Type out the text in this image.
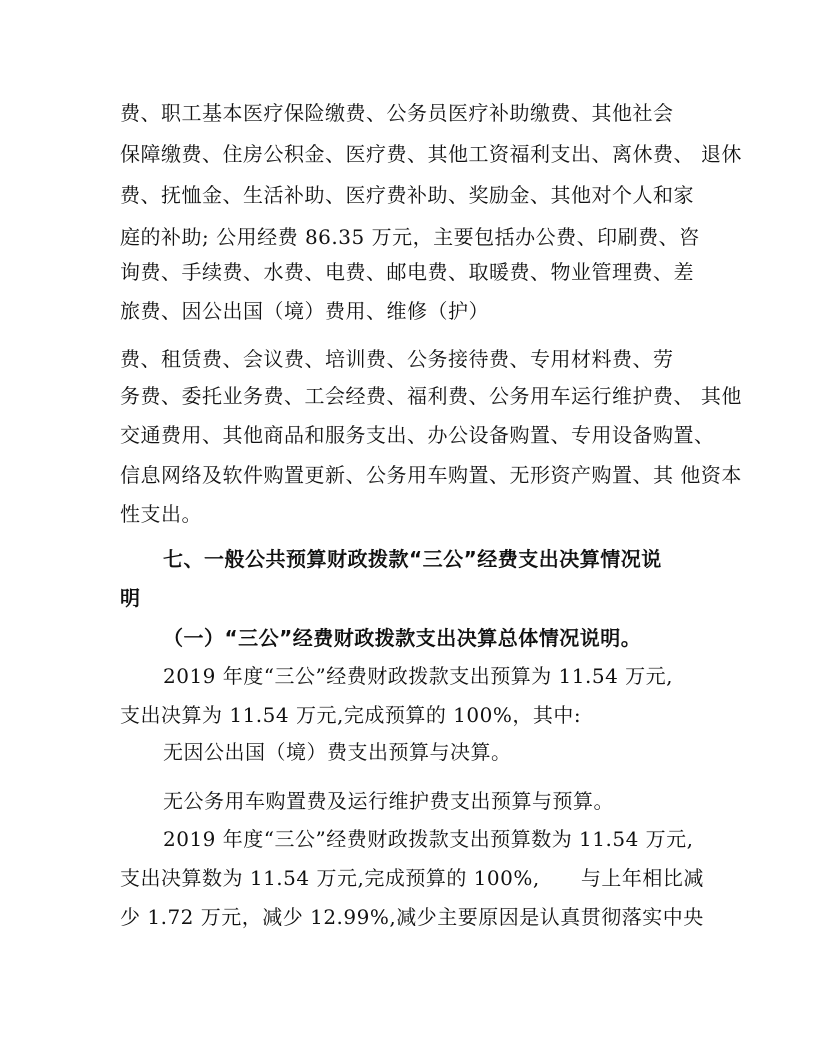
费、职工基本医疗保险缴费、公务员医疗补助缴费、其他社会
保障缴费、住房公积金、医疗费、其他工资福利支出、离休费、 退休
费、抚恤金、生活补助、医疗费补助、奖励金、其他对个人和家
庭的补助; 公用经费 86.35 万元，主要包括办公费、印刷费、咨
询费、手续费、水费、电费、邮电费、取暖费、物业管理费、差
旅费、因公出国（境）费用、维修（护）
费、租赁费、会议费、培训费、公务接待费、专用材料费、劳
务费、委托业务费、工会经费、福利费、公务用车运行维护费、 其他
交通费用、其他商品和服务支出、办公设备购置、专用设备购置、
信息网络及软件购置更新、公务用车购置、无形资产购置、其 他资本
性支出。
七、一般公共预算财政拨款“三公”经费支出决算情况说
明
（一）“三公”经费财政拨款支出决算总体情况说明。
2019 年度“三公”经费财政拨款支出预算为 11.54 万元,
支出决算为 11.54 万元,完成预算的 100%，其中:
无因公出国（境）费支出预算与决算。
无公务用车购置费及运行维护费支出预算与预算。
2019 年度“三公”经费财政拨款支出预算数为 11.54 万元,
支出决算数为 11.54 万元,完成预算的 100%,      与上年相比减
少 1.72 万元，减少 12.99%,减少主要原因是认真贯彻落实中央
